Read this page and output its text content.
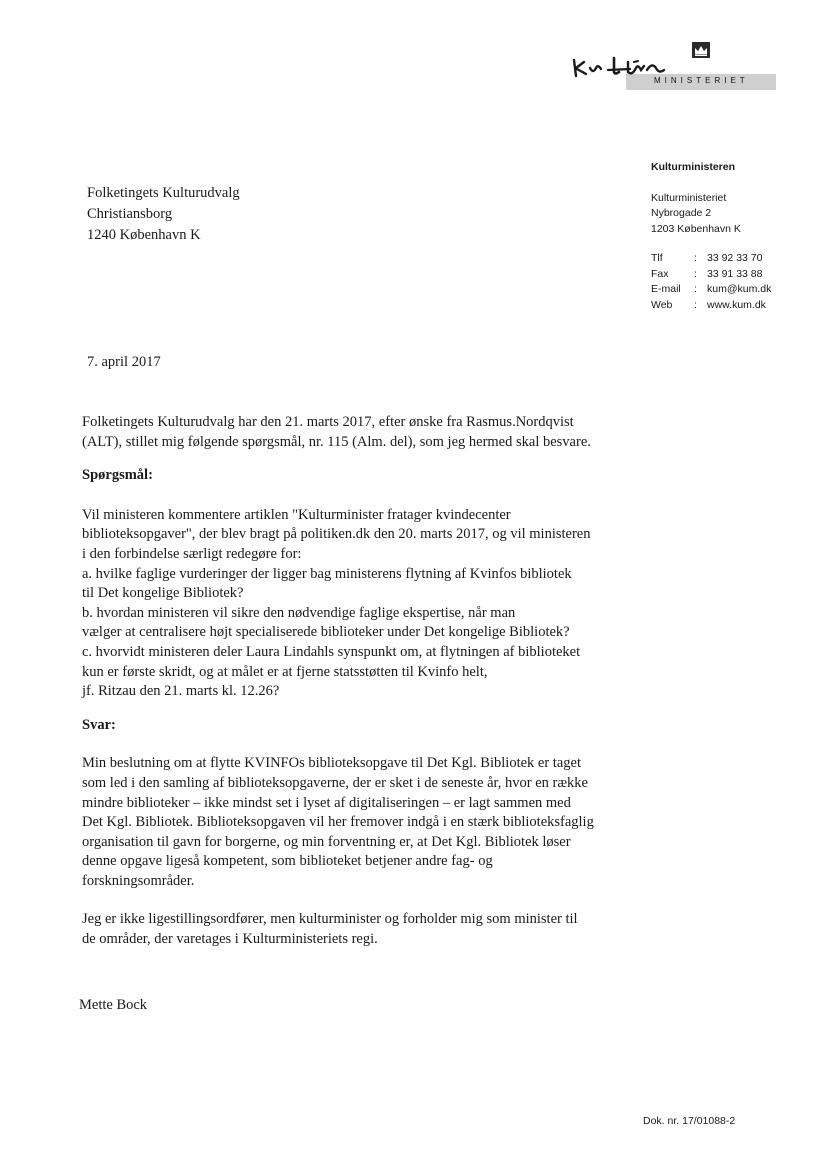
MINISTERIET
Kulturministeren
Kulturministeriet
Nybrogade 2
1203 København K
Tlf	: 33 92 33 70
Fax	: 33 91 33 88
E-mail	: kum@kum.dk
Web	: www.kum.dk
Folketingets Kulturudvalg
Christiansborg
1240 København K
7. april 2017

Folketingets Kulturudvalg har den 21. marts 2017, efter ønske fra Rasmus.Nordqvist
(ALT), stillet mig følgende spørgsmål, nr. 115 (Alm. del), som jeg hermed skal besvare.

Spørgsmål:

Vil ministeren kommentere artiklen "Kulturminister fratager kvindecenter
biblioteksopgaver", der blev bragt på politiken.dk den 20. marts 2017, og vil ministeren
i den forbindelse særligt redegøre for:
a. hvilke faglige vurderinger der ligger bag ministerens flytning af Kvinfos bibliotek
til Det kongelige Bibliotek?
b. hvordan ministeren vil sikre den nødvendige faglige ekspertise, når man
vælger at centralisere højt specialiserede biblioteker under Det kongelige Bibliotek?
c. hvorvidt ministeren deler Laura Lindahls synspunkt om, at flytningen af biblioteket
kun er første skridt, og at målet er at fjerne statsstøtten til Kvinfo helt,
jf. Ritzau den 21. marts kl. 12.26?

Svar:

Min beslutning om at flytte KVINFOs biblioteksopgave til Det Kgl. Bibliotek er taget
som led i den samling af biblioteksopgaverne, der er sket i de seneste år, hvor en række
mindre biblioteker – ikke mindst set i lyset af digitaliseringen – er lagt sammen med
Det Kgl. Bibliotek. Biblioteksopgaven vil her fremover indgå i en stærk biblioteksfaglig
organisation til gavn for borgerne, og min forventning er, at Det Kgl. Bibliotek løser
denne opgave ligeså kompetent, som biblioteket betjener andre fag- og
forskningsområder.

Jeg er ikke ligestillingsordfører, men kulturminister og forholder mig som minister til
de områder, der varetages i Kulturministeriets regi.

Mette Bock
Dok. nr. 17/01088-2
